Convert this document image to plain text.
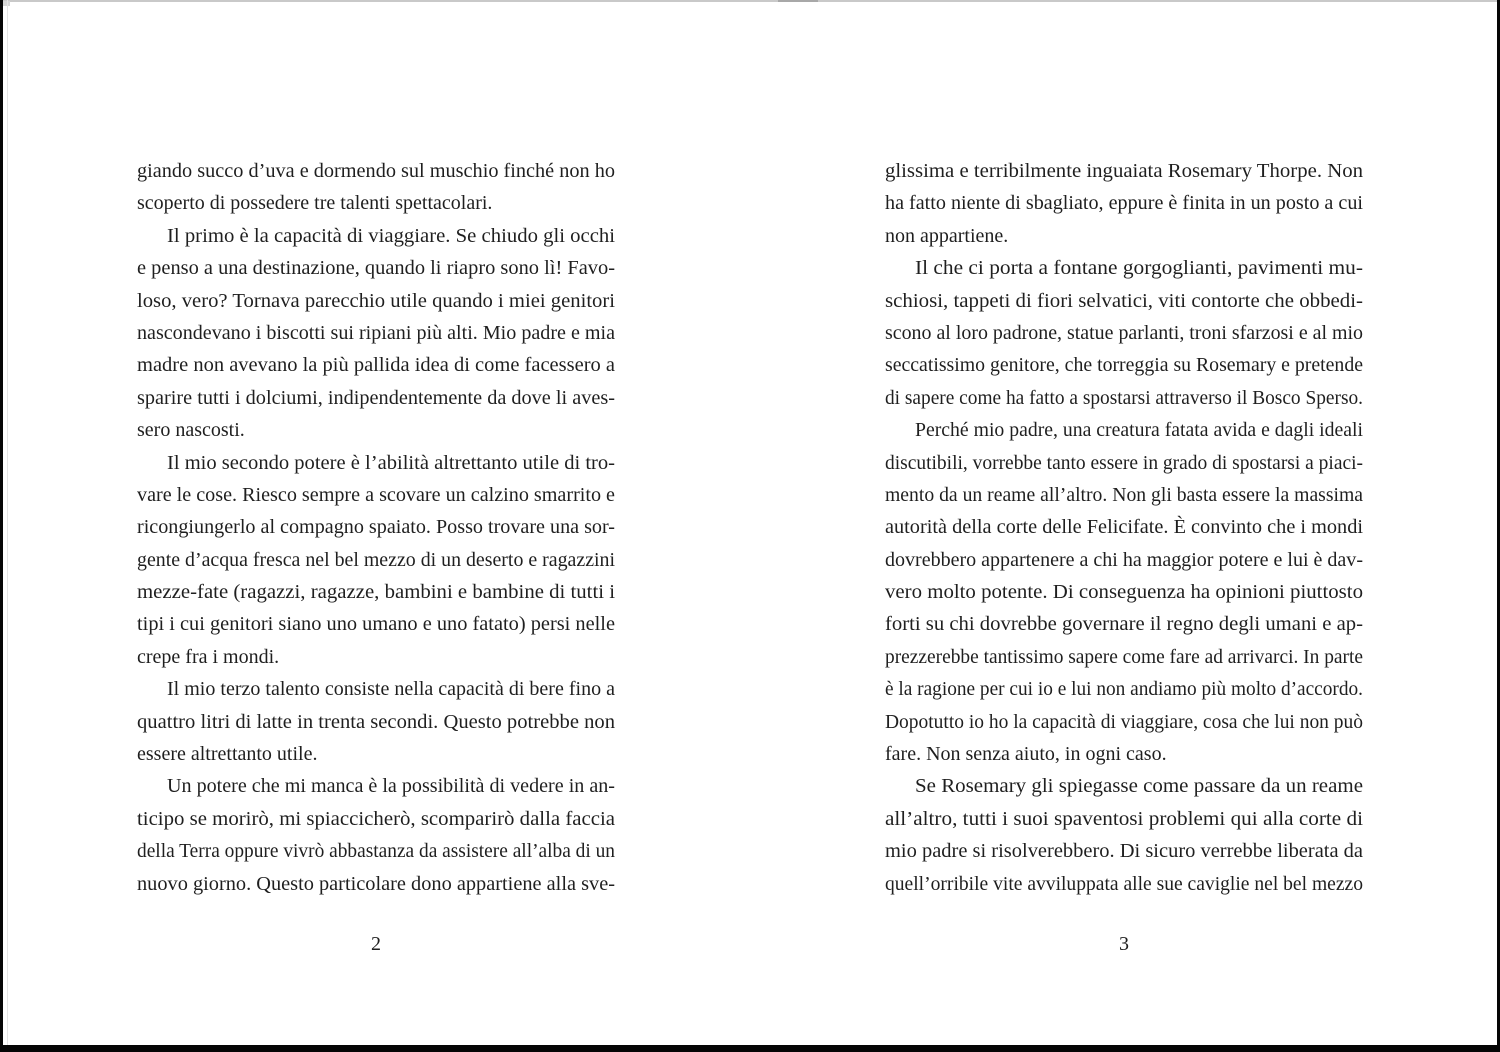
giando succo d’uva e dormendo sul muschio finché non ho
scoperto di possedere tre talenti spettacolari.
Il primo è la capacità di viaggiare. Se chiudo gli occhi
e penso a una destinazione, quando li riapro sono lì! Favo-
loso, vero? Tornava parecchio utile quando i miei genitori
nascondevano i biscotti sui ripiani più alti. Mio padre e mia
madre non avevano la più pallida idea di come facessero a
sparire tutti i dolciumi, indipendentemente da dove li aves-
sero nascosti.
Il mio secondo potere è l’abilità altrettanto utile di tro-
vare le cose. Riesco sempre a scovare un calzino smarrito e
ricongiungerlo al compagno spaiato. Posso trovare una sor-
gente d’acqua fresca nel bel mezzo di un deserto e ragazzini
mezze-fate (ragazzi, ragazze, bambini e bambine di tutti i
tipi i cui genitori siano uno umano e uno fatato) persi nelle
crepe fra i mondi.
Il mio terzo talento consiste nella capacità di bere fino a
quattro litri di latte in trenta secondi. Questo potrebbe non
essere altrettanto utile.
Un potere che mi manca è la possibilità di vedere in an-
ticipo se morirò, mi spiaccicherò, scomparirò dalla faccia
della Terra oppure vivrò abbastanza da assistere all’alba di un
nuovo giorno. Questo particolare dono appartiene alla sve-
2
glissima e terribilmente inguaiata Rosemary Thorpe. Non
ha fatto niente di sbagliato, eppure è finita in un posto a cui
non appartiene.
Il che ci porta a fontane gorgoglianti, pavimenti mu-
schiosi, tappeti di fiori selvatici, viti contorte che obbedi-
scono al loro padrone, statue parlanti, troni sfarzosi e al mio
seccatissimo genitore, che torreggia su Rosemary e pretende
di sapere come ha fatto a spostarsi attraverso il Bosco Sperso.
Perché mio padre, una creatura fatata avida e dagli ideali
discutibili, vorrebbe tanto essere in grado di spostarsi a piaci-
mento da un reame all’altro. Non gli basta essere la massima
autorità della corte delle Felicifate. È convinto che i mondi
dovrebbero appartenere a chi ha maggior potere e lui è dav-
vero molto potente. Di conseguenza ha opinioni piuttosto
forti su chi dovrebbe governare il regno degli umani e ap-
prezzerebbe tantissimo sapere come fare ad arrivarci. In parte
è la ragione per cui io e lui non andiamo più molto d’accordo.
Dopotutto io ho la capacità di viaggiare, cosa che lui non può
fare. Non senza aiuto, in ogni caso.
Se Rosemary gli spiegasse come passare da un reame
all’altro, tutti i suoi spaventosi problemi qui alla corte di
mio padre si risolverebbero. Di sicuro verrebbe liberata da
quell’orribile vite avviluppata alle sue caviglie nel bel mezzo
3
